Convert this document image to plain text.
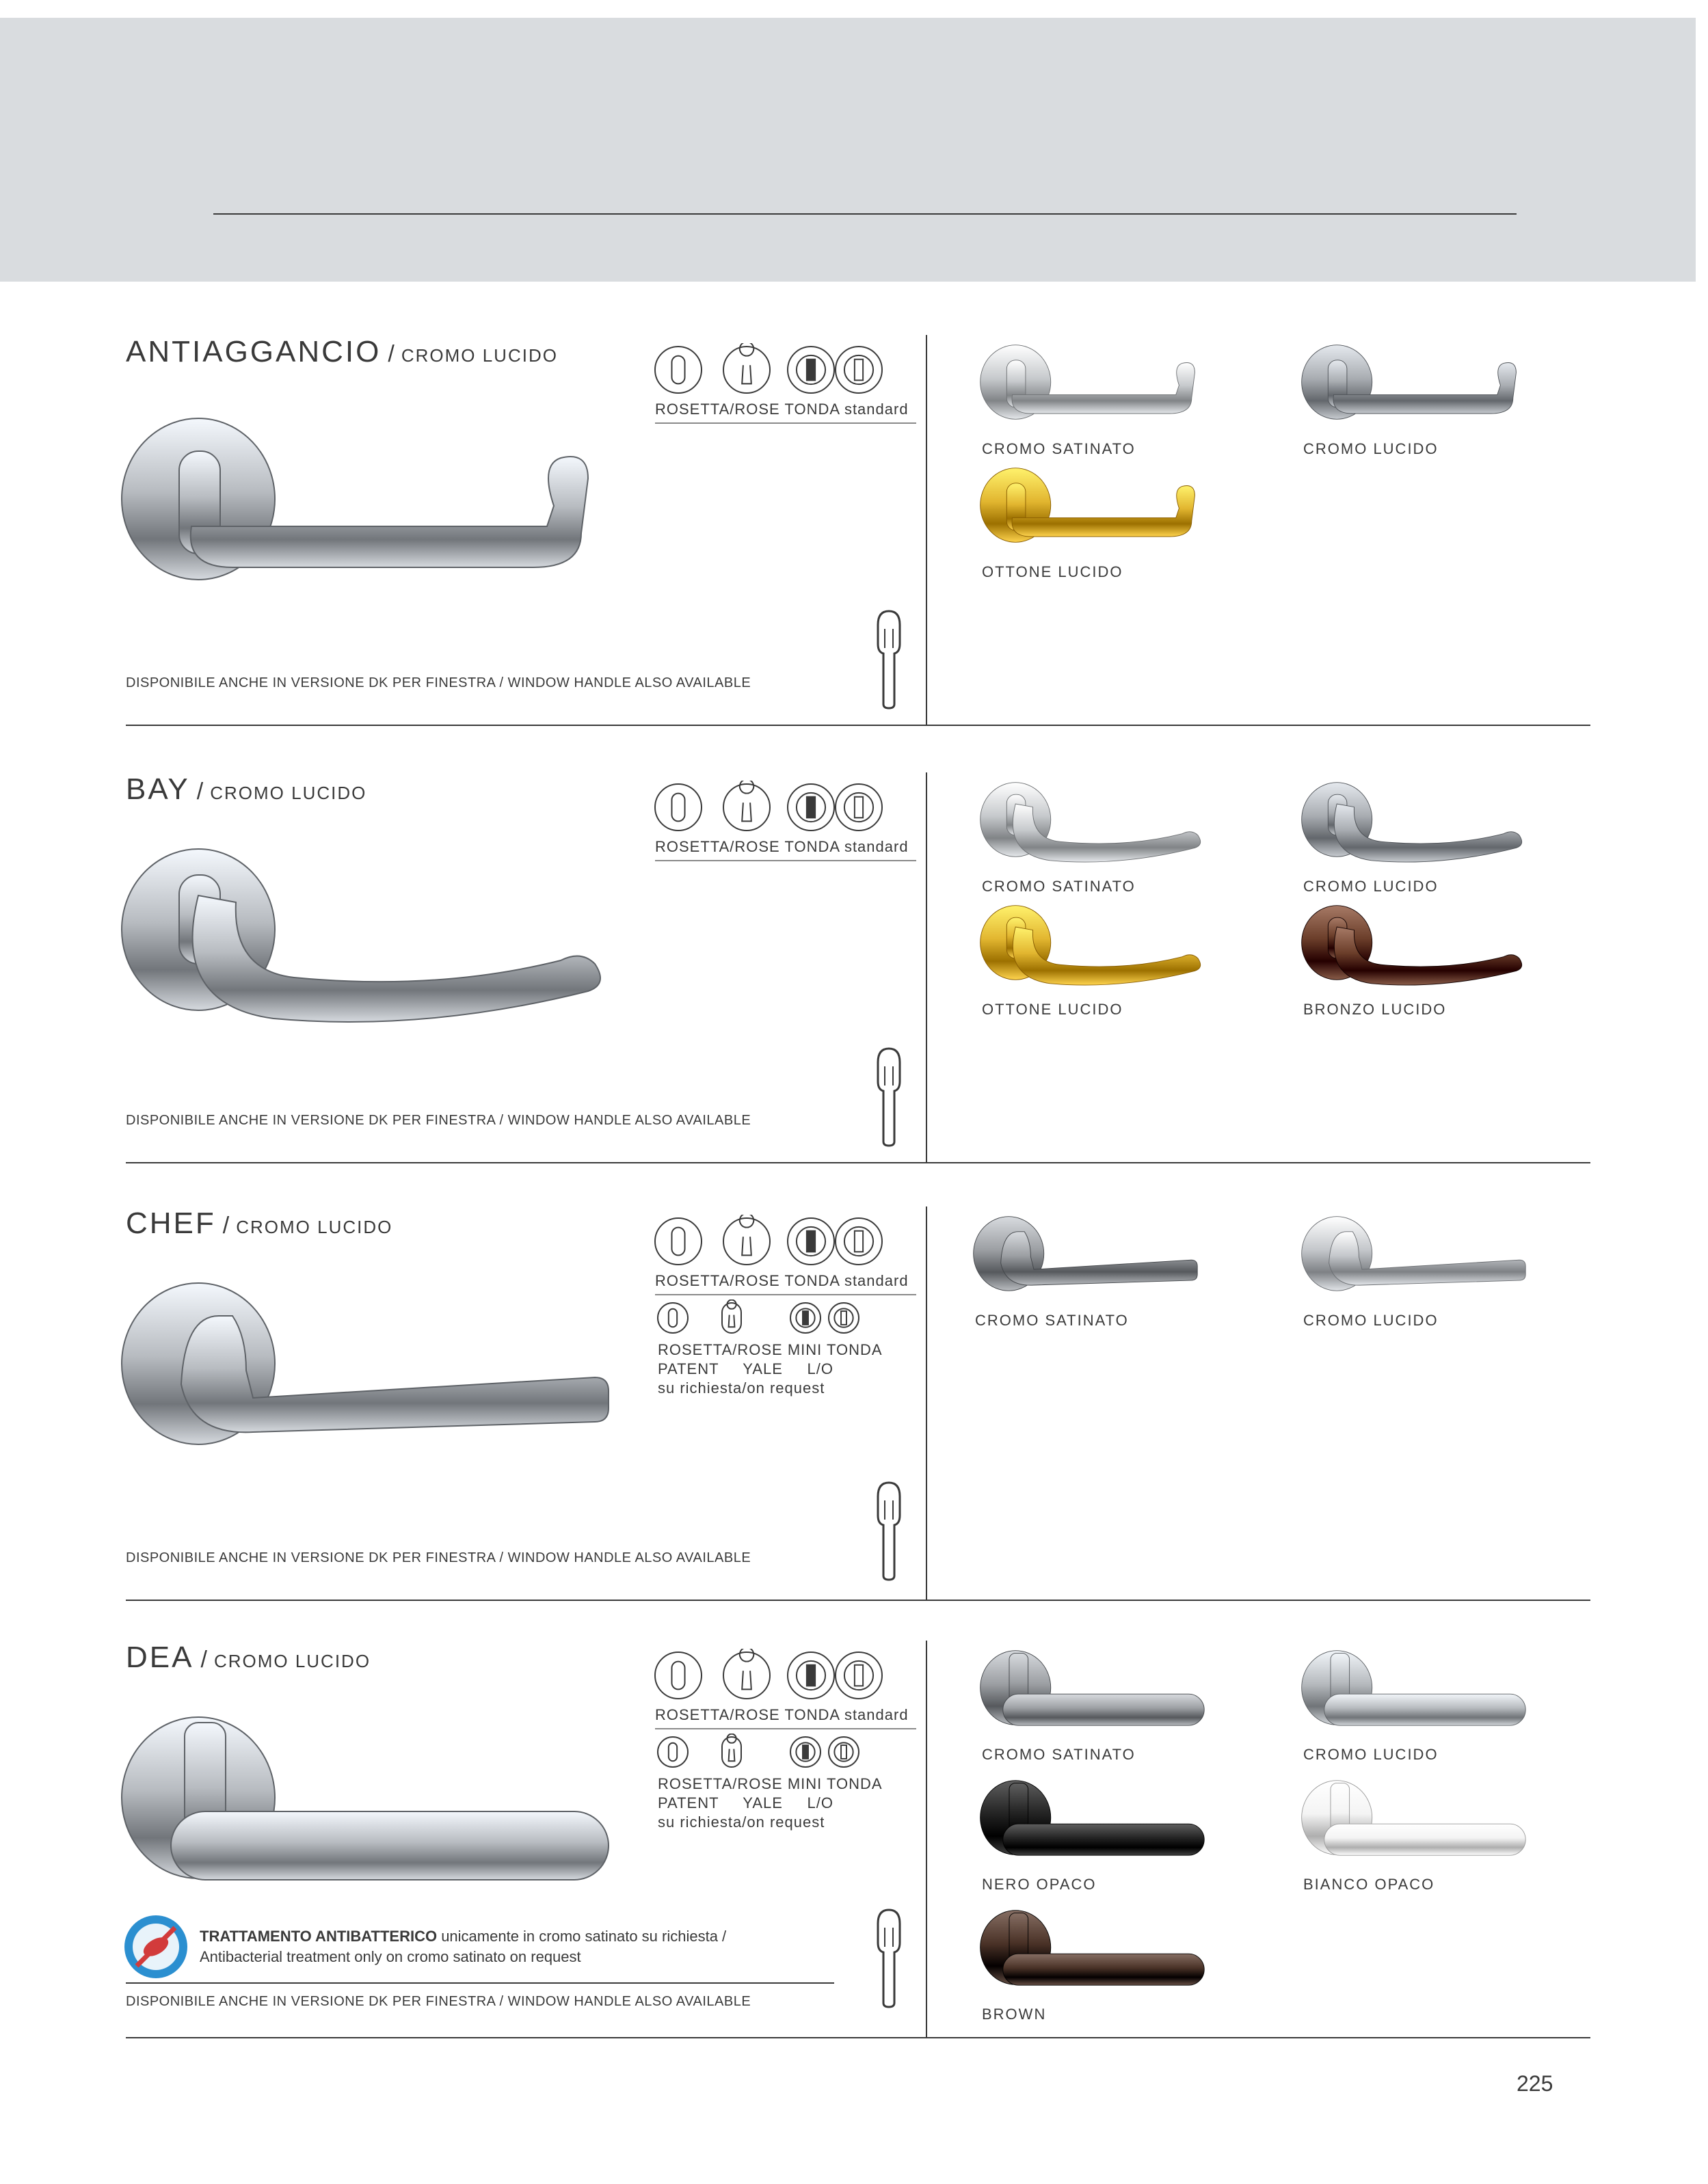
ANTIAGGANCIO / CROMO LUCIDO
ROSETTA/ROSE TONDA standard
DISPONIBILE ANCHE IN VERSIONE DK PER FINESTRA / WINDOW HANDLE ALSO AVAILABLE
CROMO SATINATO	CROMO LUCIDO
OTTONE LUCIDO
BAY / CROMO LUCIDO
ROSETTA/ROSE TONDA standard
DISPONIBILE ANCHE IN VERSIONE DK PER FINESTRA / WINDOW HANDLE ALSO AVAILABLE
CROMO SATINATO	CROMO LUCIDO
OTTONE LUCIDO	BRONZO LUCIDO
CHEF / CROMO LUCIDO
ROSETTA/ROSE TONDA standard
ROSETTA/ROSE MINI TONDA
PATENT     YALE     L/O
su richiesta/on request
DISPONIBILE ANCHE IN VERSIONE DK PER FINESTRA / WINDOW HANDLE ALSO AVAILABLE
CROMO SATINATO	CROMO LUCIDO
DEA / CROMO LUCIDO
ROSETTA/ROSE TONDA standard
ROSETTA/ROSE MINI TONDA
PATENT     YALE     L/O
su richiesta/on request
DISPONIBILE ANCHE IN VERSIONE DK PER FINESTRA / WINDOW HANDLE ALSO AVAILABLE
CROMO SATINATO	CROMO LUCIDO
NERO OPACO	BIANCO OPACO
BROWN
TRATTAMENTO ANTIBATTERICO unicamente in cromo satinato su richiesta /
Antibacterial treatment only on cromo satinato on request
225
